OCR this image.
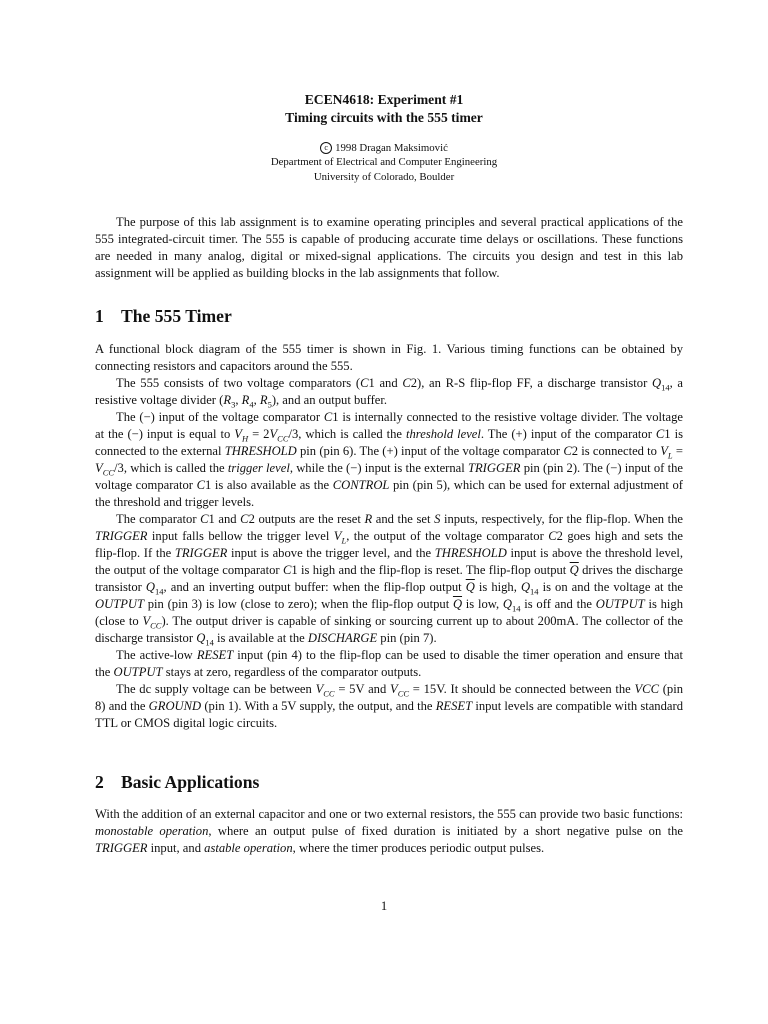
ECEN4618: Experiment #1

Timing circuits with the 555 timer

c 1998 Dragan Maksimović
Department of Electrical and Computer Engineering
University of Colorado, Boulder

The purpose of this lab assignment is to examine operating principles and several practical applications of the 555 integrated-circuit timer. The 555 is capable of producing accurate time delays or oscillations. These functions are needed in many analog, digital or mixed-signal applications. The circuits you design and test in this lab assignment will be applied as building blocks in the lab assignments that follow.

1 The 555 Timer

A functional block diagram of the 555 timer is shown in Fig. 1. Various timing functions can be obtained by connecting resistors and capacitors around the 555.

The 555 consists of two voltage comparators (C1 and C2), an R-S flip-flop FF, a discharge transistor $Q_{14}$, a resistive voltage divider ($R_3$, $R_4$, $R_5$), and an output buffer.

The (−) input of the voltage comparator C1 is internally connected to the resistive voltage divider. The voltage at the (−) input is equal to $V_H = 2V_{CC}/3$, which is called the threshold level. The (+) input of the comparator C1 is connected to the external THRESHOLD pin (pin 6). The (+) input of the voltage comparator C2 is connected to $V_L = V_{CC}/3$, which is called the trigger level, while the (−) input is the external TRIGGER pin (pin 2). The (−) input of the voltage comparator C1 is also available as the CONTROL pin (pin 5), which can be used for external adjustment of the threshold and trigger levels.

The comparator C1 and C2 outputs are the reset R and the set S inputs, respectively, for the flip-flop. When the TRIGGER input falls bellow the trigger level $V_L$, the output of the voltage comparator C2 goes high and sets the flip-flop. If the TRIGGER input is above the trigger level, and the THRESHOLD input is above the threshold level, the output of the voltage comparator C1 is high and the flip-flop is reset. The flip-flop output $\overline{Q}$ drives the discharge transistor $Q_{14}$, and an inverting output buffer: when the flip-flop output $\overline{Q}$ is high, $Q_{14}$ is on and the voltage at the OUTPUT pin (pin 3) is low (close to zero); when the flip-flop output $\overline{Q}$ is low, $Q_{14}$ is off and the OUTPUT is high (close to $V_{CC}$). The output driver is capable of sinking or sourcing current up to about 200mA. The collector of the discharge transistor $Q_{14}$ is available at the DISCHARGE pin (pin 7).

The active-low RESET input (pin 4) to the flip-flop can be used to disable the timer operation and ensure that the OUTPUT stays at zero, regardless of the comparator outputs.

The dc supply voltage can be between $V_{CC} = 5V$ and $V_{CC} = 15V$. It should be connected between the VCC (pin 8) and the GROUND (pin 1). With a 5V supply, the output, and the RESET input levels are compatible with standard TTL or CMOS digital logic circuits.

2 Basic Applications

With the addition of an external capacitor and one or two external resistors, the 555 can provide two basic functions: monostable operation, where an output pulse of fixed duration is initiated by a short negative pulse on the TRIGGER input, and astable operation, where the timer produces periodic output pulses.

1
